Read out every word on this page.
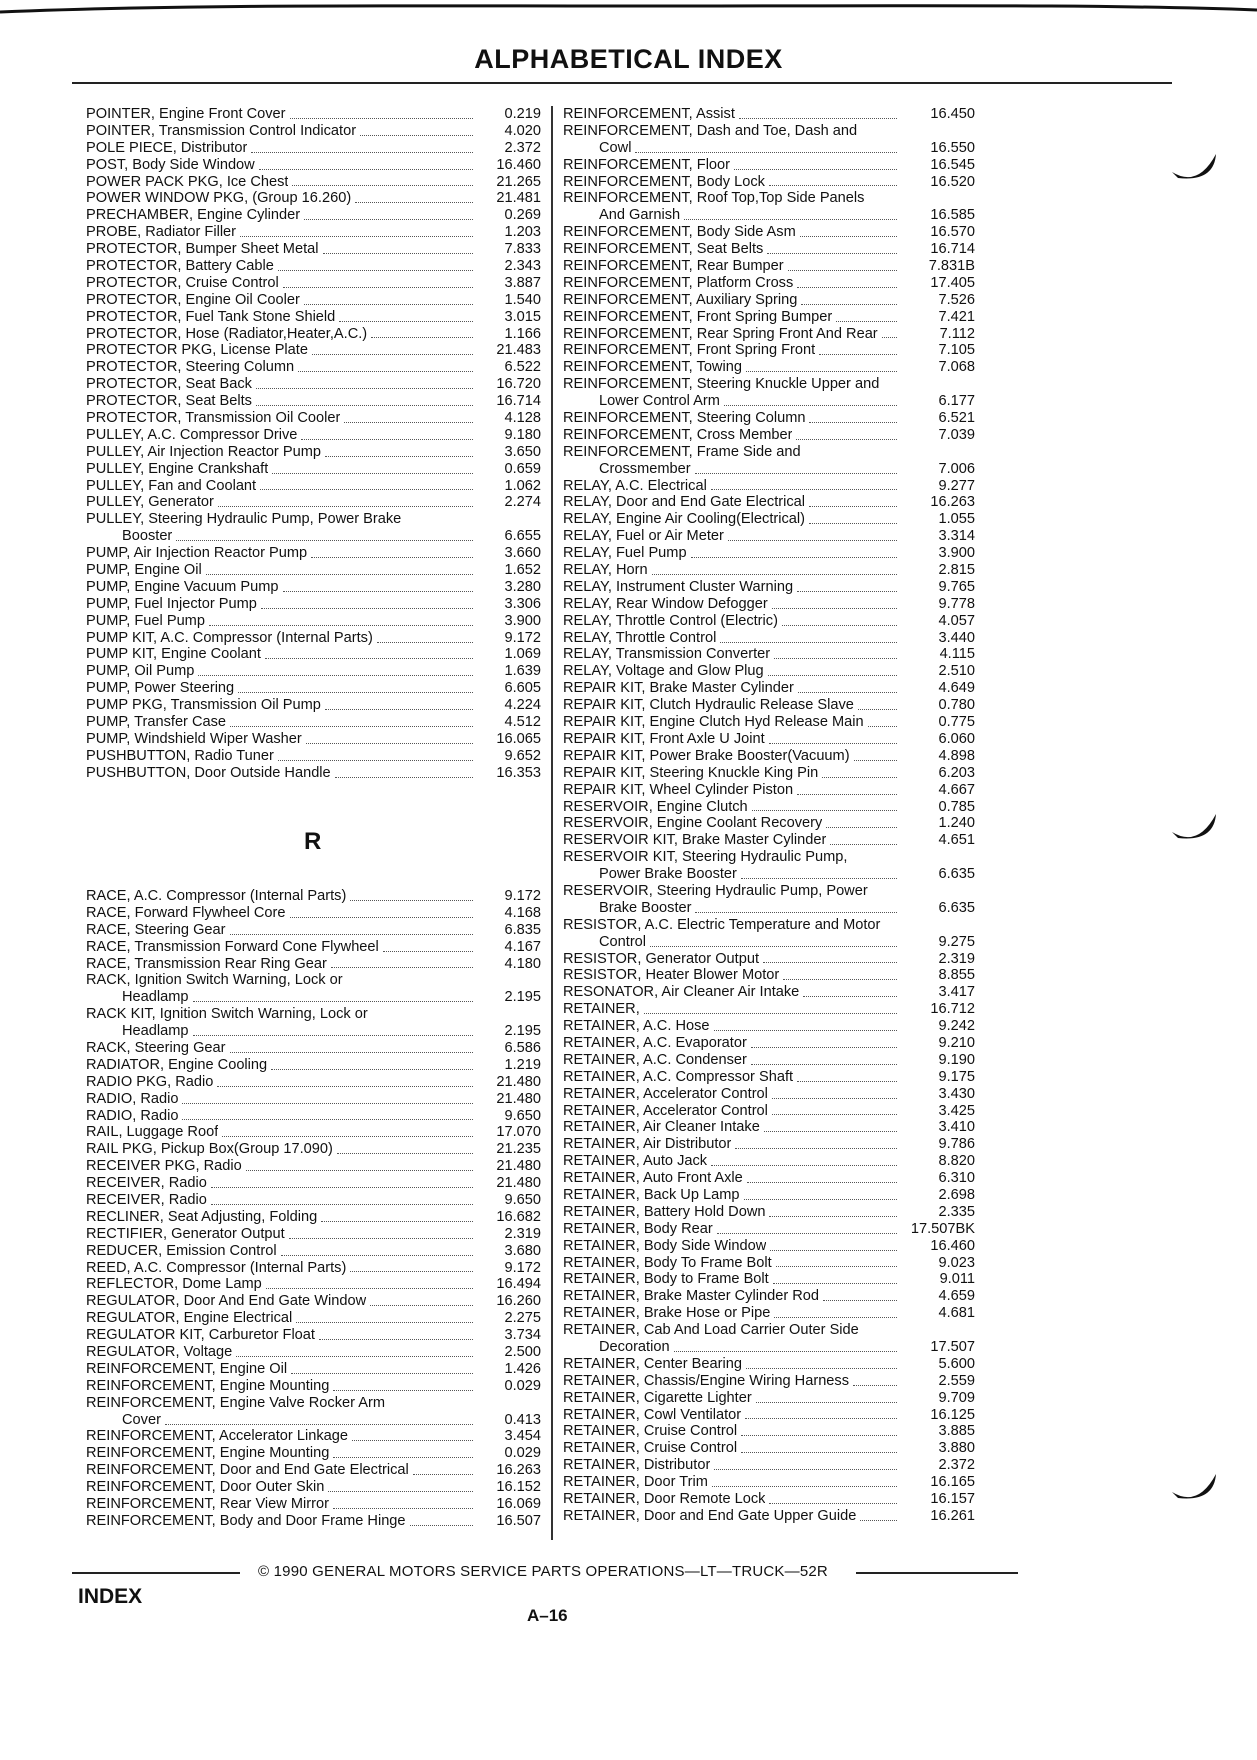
ALPHABETICAL INDEX
POINTER, Engine Front Cover	0.219
POINTER, Transmission Control Indicator	4.020
POLE PIECE, Distributor	2.372
POST, Body Side Window	16.460
POWER PACK PKG, Ice Chest	21.265
POWER WINDOW PKG, (Group 16.260)	21.481
PRECHAMBER, Engine Cylinder	0.269
PROBE, Radiator Filler	1.203
PROTECTOR, Bumper Sheet Metal	7.833
PROTECTOR, Battery Cable	2.343
PROTECTOR, Cruise Control	3.887
PROTECTOR, Engine Oil Cooler	1.540
PROTECTOR, Fuel Tank Stone Shield	3.015
PROTECTOR, Hose (Radiator,Heater,A.C.)	1.166
PROTECTOR PKG, License Plate	21.483
PROTECTOR, Steering Column	6.522
PROTECTOR, Seat Back	16.720
PROTECTOR, Seat Belts	16.714
PROTECTOR, Transmission Oil Cooler	4.128
PULLEY, A.C. Compressor Drive	9.180
PULLEY, Air Injection Reactor Pump	3.650
PULLEY, Engine Crankshaft	0.659
PULLEY, Fan and Coolant	1.062
PULLEY, Generator	2.274
PULLEY, Steering Hydraulic Pump, Power Brake
Booster	6.655
PUMP, Air Injection Reactor Pump	3.660
PUMP, Engine Oil	1.652
PUMP, Engine Vacuum Pump	3.280
PUMP, Fuel Injector Pump	3.306
PUMP, Fuel Pump	3.900
PUMP KIT, A.C. Compressor (Internal Parts)	9.172
PUMP KIT, Engine Coolant	1.069
PUMP, Oil Pump	1.639
PUMP, Power Steering	6.605
PUMP PKG, Transmission Oil Pump	4.224
PUMP, Transfer Case	4.512
PUMP, Windshield Wiper Washer	16.065
PUSHBUTTON, Radio Tuner	9.652
PUSHBUTTON, Door Outside Handle	16.353
R
RACE, A.C. Compressor (Internal Parts)	9.172
RACE, Forward Flywheel Core	4.168
RACE, Steering Gear	6.835
RACE, Transmission Forward Cone Flywheel	4.167
RACE, Transmission Rear Ring Gear	4.180
RACK, Ignition Switch Warning, Lock or
Headlamp	2.195
RACK KIT, Ignition Switch Warning, Lock or
Headlamp	2.195
RACK, Steering Gear	6.586
RADIATOR, Engine Cooling	1.219
RADIO PKG, Radio	21.480
RADIO, Radio	21.480
RADIO, Radio	9.650
RAIL, Luggage Roof	17.070
RAIL PKG, Pickup Box(Group 17.090)	21.235
RECEIVER PKG, Radio	21.480
RECEIVER, Radio	21.480
RECEIVER, Radio	9.650
RECLINER, Seat Adjusting, Folding	16.682
RECTIFIER, Generator Output	2.319
REDUCER, Emission Control	3.680
REED, A.C. Compressor (Internal Parts)	9.172
REFLECTOR, Dome Lamp	16.494
REGULATOR, Door And End Gate Window	16.260
REGULATOR, Engine Electrical	2.275
REGULATOR KIT, Carburetor Float	3.734
REGULATOR, Voltage	2.500
REINFORCEMENT, Engine Oil	1.426
REINFORCEMENT, Engine Mounting	0.029
REINFORCEMENT, Engine Valve Rocker Arm
Cover	0.413
REINFORCEMENT, Accelerator Linkage	3.454
REINFORCEMENT, Engine Mounting	0.029
REINFORCEMENT, Door and End Gate Electrical	16.263
REINFORCEMENT, Door Outer Skin	16.152
REINFORCEMENT, Rear View Mirror	16.069
REINFORCEMENT, Body and Door Frame Hinge	16.507
REINFORCEMENT, Assist	16.450
REINFORCEMENT, Dash and Toe, Dash and
Cowl	16.550
REINFORCEMENT, Floor	16.545
REINFORCEMENT, Body Lock	16.520
REINFORCEMENT, Roof Top,Top Side Panels
And Garnish	16.585
REINFORCEMENT, Body Side Asm	16.570
REINFORCEMENT, Seat Belts	16.714
REINFORCEMENT, Rear Bumper	7.831B
REINFORCEMENT, Platform Cross	17.405
REINFORCEMENT, Auxiliary Spring	7.526
REINFORCEMENT, Front Spring Bumper	7.421
REINFORCEMENT, Rear Spring Front And Rear	7.112
REINFORCEMENT, Front Spring Front	7.105
REINFORCEMENT, Towing	7.068
REINFORCEMENT, Steering Knuckle Upper and
Lower Control Arm	6.177
REINFORCEMENT, Steering Column	6.521
REINFORCEMENT, Cross Member	7.039
REINFORCEMENT, Frame Side and
Crossmember	7.006
RELAY, A.C. Electrical	9.277
RELAY, Door and End Gate Electrical	16.263
RELAY, Engine Air Cooling(Electrical)	1.055
RELAY, Fuel or Air Meter	3.314
RELAY, Fuel Pump	3.900
RELAY, Horn	2.815
RELAY, Instrument Cluster Warning	9.765
RELAY, Rear Window Defogger	9.778
RELAY, Throttle Control (Electric)	4.057
RELAY, Throttle Control	3.440
RELAY, Transmission Converter	4.115
RELAY, Voltage and Glow Plug	2.510
REPAIR KIT, Brake Master Cylinder	4.649
REPAIR KIT, Clutch Hydraulic Release Slave	0.780
REPAIR KIT, Engine Clutch Hyd Release Main	0.775
REPAIR KIT, Front Axle U Joint	6.060
REPAIR KIT, Power Brake Booster(Vacuum)	4.898
REPAIR KIT, Steering Knuckle King Pin	6.203
REPAIR KIT, Wheel Cylinder Piston	4.667
RESERVOIR, Engine Clutch	0.785
RESERVOIR, Engine Coolant Recovery	1.240
RESERVOIR KIT, Brake Master Cylinder	4.651
RESERVOIR KIT, Steering Hydraulic Pump,
Power Brake Booster	6.635
RESERVOIR, Steering Hydraulic Pump, Power
Brake Booster	6.635
RESISTOR, A.C. Electric Temperature and Motor
Control	9.275
RESISTOR, Generator Output	2.319
RESISTOR, Heater Blower Motor	8.855
RESONATOR, Air Cleaner Air Intake	3.417
RETAINER,	16.712
RETAINER, A.C. Hose	9.242
RETAINER, A.C. Evaporator	9.210
RETAINER, A.C. Condenser	9.190
RETAINER, A.C. Compressor Shaft	9.175
RETAINER, Accelerator Control	3.430
RETAINER, Accelerator Control	3.425
RETAINER, Air Cleaner Intake	3.410
RETAINER, Air Distributor	9.786
RETAINER, Auto Jack	8.820
RETAINER, Auto Front Axle	6.310
RETAINER, Back Up Lamp	2.698
RETAINER, Battery Hold Down	2.335
RETAINER, Body Rear	17.507BK
RETAINER, Body Side Window	16.460
RETAINER, Body To Frame Bolt	9.023
RETAINER, Body to Frame Bolt	9.011
RETAINER, Brake Master Cylinder Rod	4.659
RETAINER, Brake Hose or Pipe	4.681
RETAINER, Cab And Load Carrier Outer Side
Decoration	17.507
RETAINER, Center Bearing	5.600
RETAINER, Chassis/Engine Wiring Harness	2.559
RETAINER, Cigarette Lighter	9.709
RETAINER, Cowl Ventilator	16.125
RETAINER, Cruise Control	3.885
RETAINER, Cruise Control	3.880
RETAINER, Distributor	2.372
RETAINER, Door Trim	16.165
RETAINER, Door Remote Lock	16.157
RETAINER, Door and End Gate Upper Guide	16.261
© 1990 GENERAL MOTORS SERVICE PARTS OPERATIONS—LT—TRUCK—52R
INDEX
A–16
